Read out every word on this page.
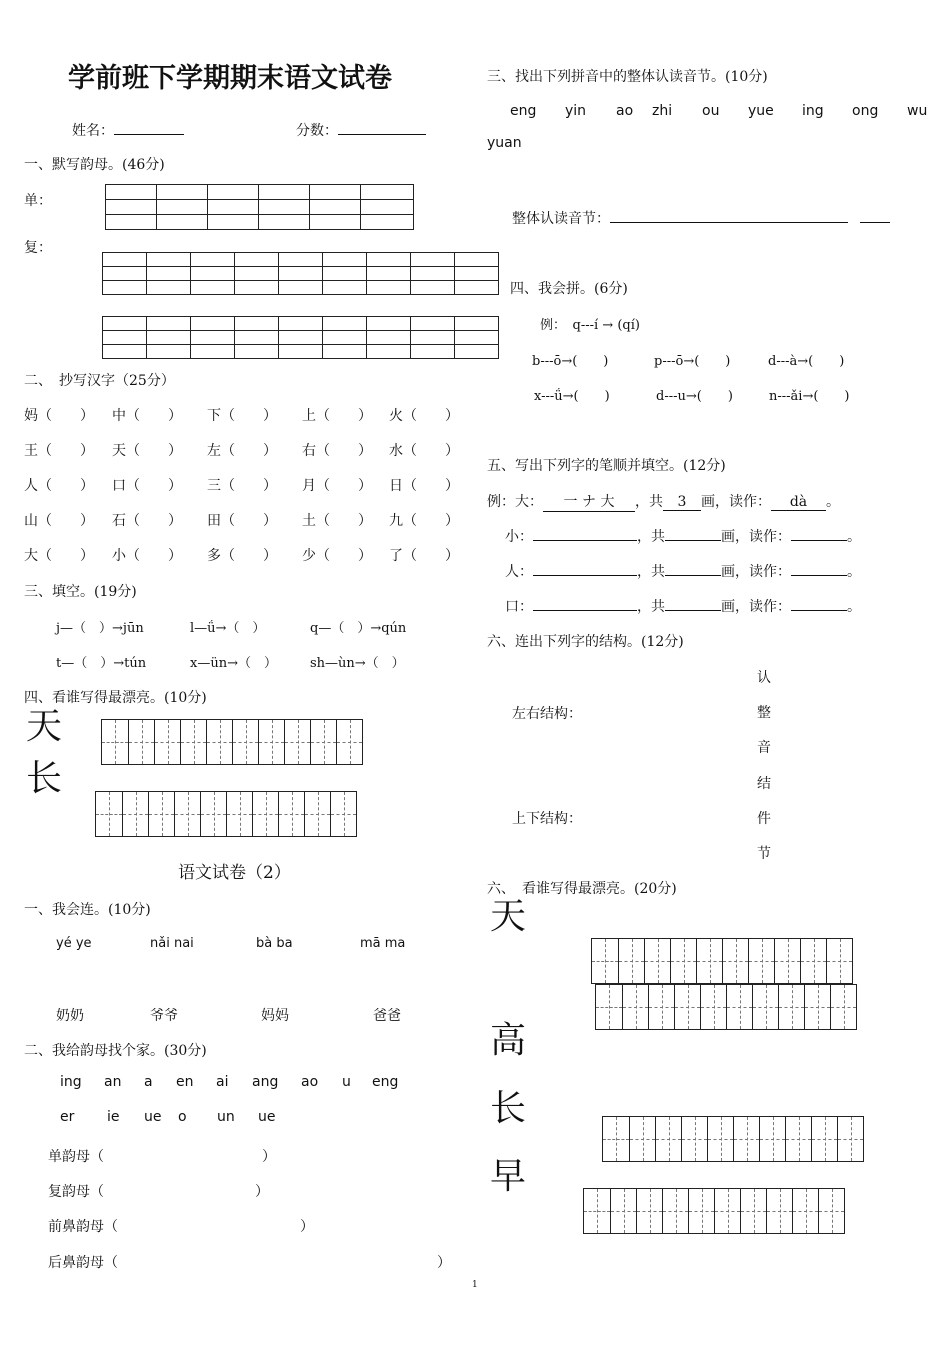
学前班下学期期末语文试卷
姓名：	分数：
一、默写韵母。(46分)
单：

复：

二、　抄写汉字（25分）
妈（　　） 中（　　） 下（　　） 上（　　） 火（　　）
王（　　） 天（　　） 左（　　） 右（　　） 水（　　）
人（　　） 口（　　） 三（　　） 月（　　） 日（　　）
山（　　） 石（　　） 田（　　） 土（　　） 九（　　）
大（　　） 小（　　） 多（　　） 少（　　） 了（　　）
三、填空。(19分)
j—（　）→jūn	l—ǘ→（　）	q—（　）→qún
t—（　）→tún	x—ün→（　）	sh—ùn→（　）
四、看谁写得最漂亮。(10分)
天
长
语文试卷（2）
一、我会连。(10分)
yé ye	nǎi nai	bà ba	mā ma
奶奶	爷爷	妈妈	爸爸
二、我给韵母找个家。(30分)
ing an a en ai ang ao u eng
er ie ue o un ue
单韵母（	）
复韵母（	）
前鼻韵母（	）
后鼻韵母（	）
三、找出下列拼音中的整体认读音节。(10分)
eng yin ao zhi ou yue ing ong wu
yuan
整体认读音节：
四、我会拼。(6分)
例：　q---í → (qí)
b---ō→(　　)	p---ō→(　　)	d---à→(　　)
x---ǘ→(　　)	d---u→(　　)	n---ǎi→(　　)
五、写出下列字的笔顺并填空。(12分)
例：大： 一 ナ 大 ，共 3 画，读作： dà 。
小：	，共	画，读作：	。
人：	，共	画，读作：	。
口：	，共	画，读作：	。
六、连出下列字的结构。(12分)
左右结构：
上下结构：
认
整
音
结
件
节
六、　看谁写得最漂亮。(20分)
天
高
长
早
1
